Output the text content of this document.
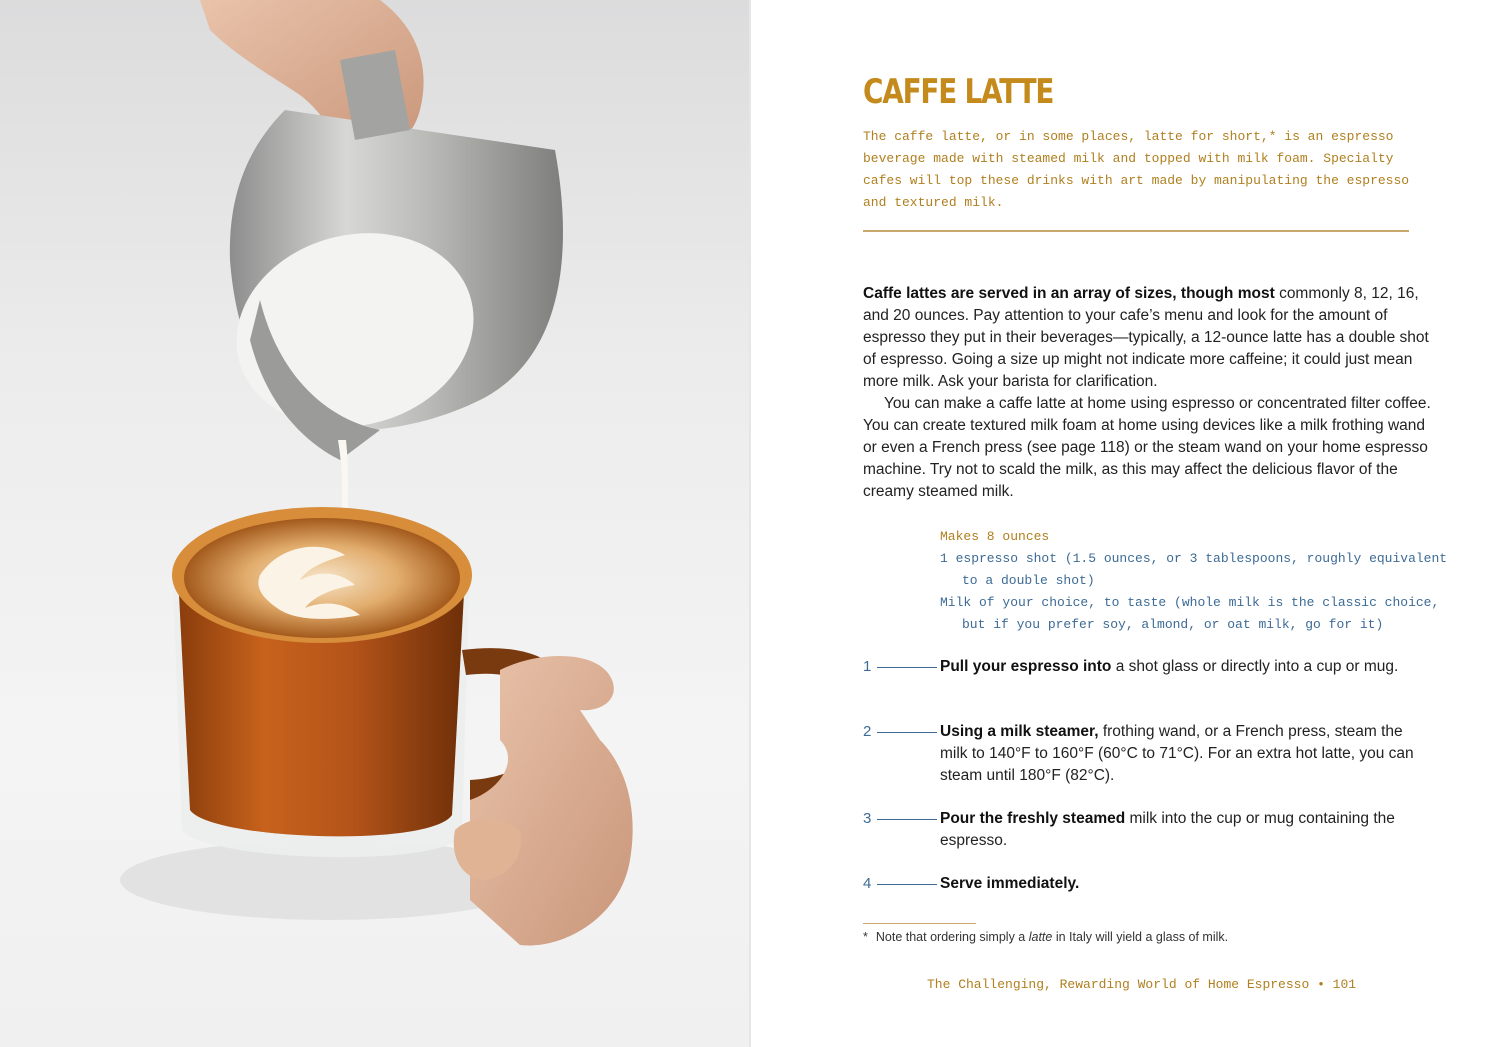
CAFFE LATTE

The caffe latte, or in some places, latte for short,* is an espresso beverage made with steamed milk and topped with milk foam. Specialty cafes will top these drinks with art made by manipulating the espresso and textured milk.

Caffe lattes are served in an array of sizes, though most commonly 8, 12, 16, and 20 ounces. Pay attention to your cafe’s menu and look for the amount of espresso they put in their beverages—typically, a 12-ounce latte has a double shot of espresso. Going a size up might not indicate more caffeine; it could just mean more milk. Ask your barista for clarification.

You can make a caffe latte at home using espresso or concentrated filter coffee. You can create textured milk foam at home using devices like a milk frothing wand or even a French press (see page 118) or the steam wand on your home espresso machine. Try not to scald the milk, as this may affect the delicious flavor of the creamy steamed milk.

Makes 8 ounces
1 espresso shot (1.5 ounces, or 3 tablespoons, roughly equivalent to a double shot)
Milk of your choice, to taste (whole milk is the classic choice, but if you prefer soy, almond, or oat milk, go for it)
1	Pull your espresso into a shot glass or directly into a cup or mug.
2	Using a milk steamer, frothing wand, or a French press, steam the milk to 140°F to 160°F (60°C to 71°C). For an extra hot latte, you can steam until 180°F (82°C).
3	Pour the freshly steamed milk into the cup or mug containing the espresso.
4	Serve immediately.

* Note that ordering simply a latte in Italy will yield a glass of milk.

The Challenging, Rewarding World of Home Espresso • 101
